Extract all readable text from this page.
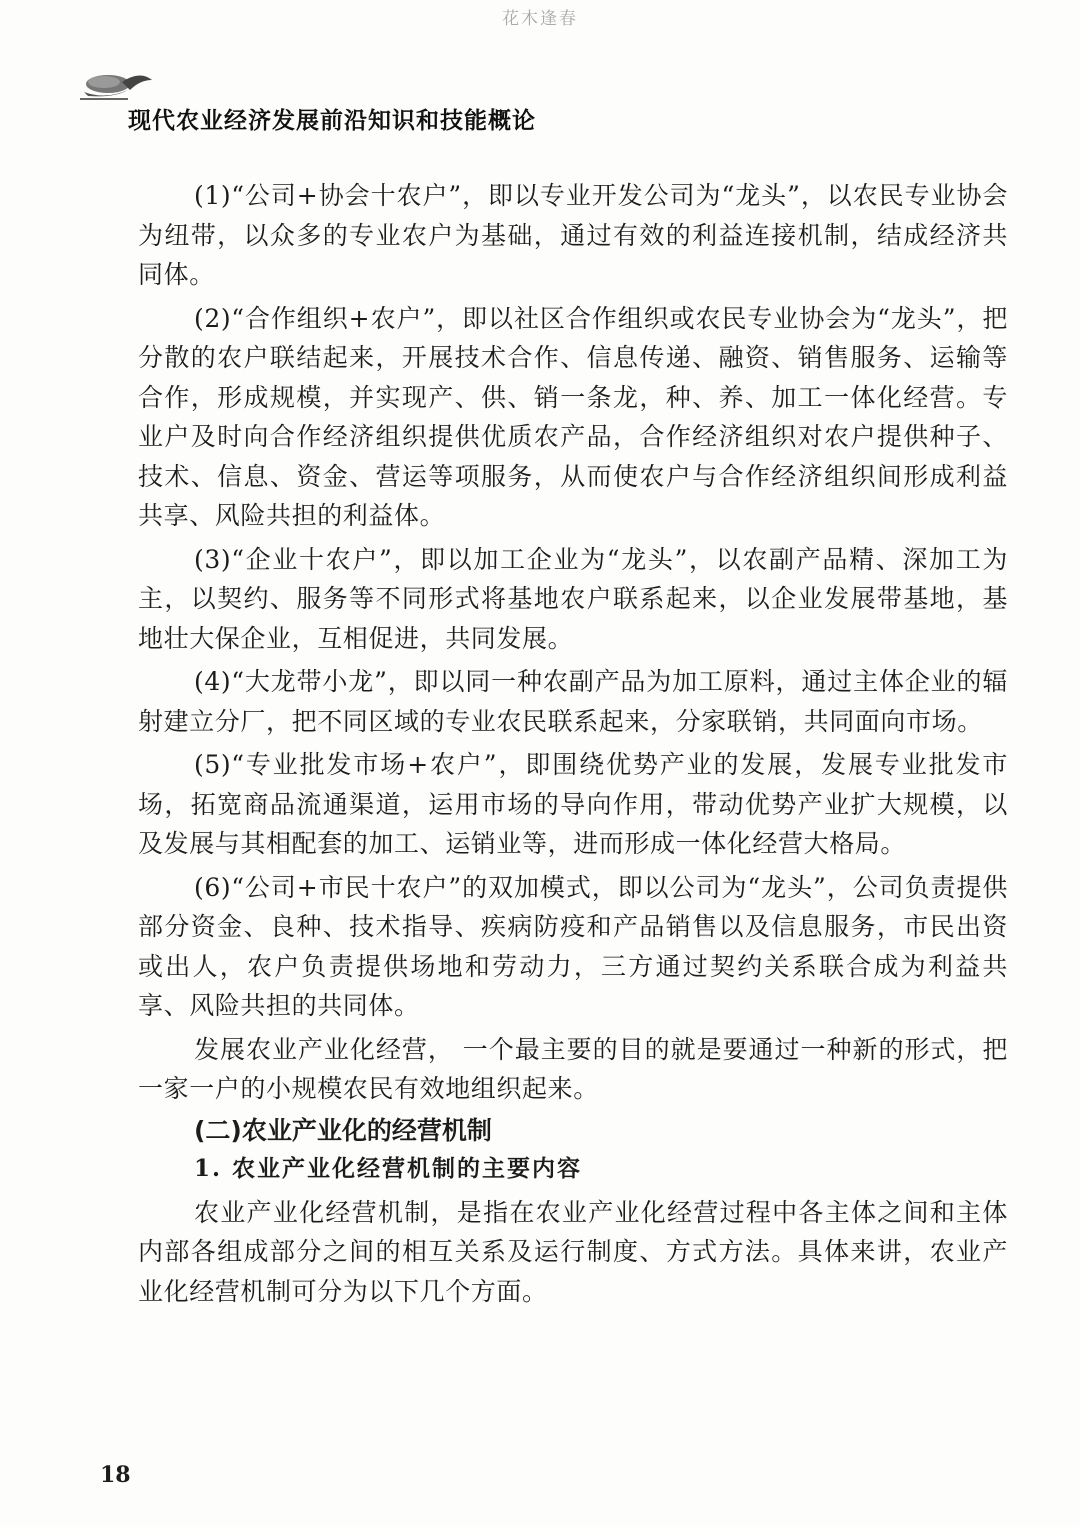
花木逢春
现代农业经济发展前沿知识和技能概论

(1)“公司+协会十农户”，即以专业开发公司为“龙头”，以农民专业协会为纽带，以众多的专业农户为基础，通过有效的利益连接机制，结成经济共同体。

(2)“合作组织+农户”，即以社区合作组织或农民专业协会为“龙头”，把分散的农户联结起来，开展技术合作、信息传递、融资、销售服务、运输等合作，形成规模，并实现产、供、销一条龙，种、养、加工一体化经营。专业户及时向合作经济组织提供优质农产品，合作经济组织对农户提供种子、技术、信息、资金、营运等项服务，从而使农户与合作经济组织间形成利益共享、风险共担的利益体。

(3)“企业十农户”，即以加工企业为“龙头”，以农副产品精、深加工为主，以契约、服务等不同形式将基地农户联系起来，以企业发展带基地，基地壮大保企业，互相促进，共同发展。

(4)“大龙带小龙”，即以同一种农副产品为加工原料，通过主体企业的辐射建立分厂，把不同区域的专业农民联系起来，分家联销，共同面向市场。

(5)“专业批发市场+农户”，即围绕优势产业的发展，发展专业批发市场，拓宽商品流通渠道，运用市场的导向作用，带动优势产业扩大规模，以及发展与其相配套的加工、运销业等，进而形成一体化经营大格局。

(6)“公司+市民十农户”的双加模式，即以公司为“龙头”，公司负责提供部分资金、良种、技术指导、疾病防疫和产品销售以及信息服务，市民出资或出人，农户负责提供场地和劳动力，三方通过契约关系联合成为利益共享、风险共担的共同体。

发展农业产业化经营， 一个最主要的目的就是要通过一种新的形式，把一家一户的小规模农民有效地组织起来。

(二)农业产业化的经营机制
1. 农业产业化经营机制的主要内容

农业产业化经营机制，是指在农业产业化经营过程中各主体之间和主体内部各组成部分之间的相互关系及运行制度、方式方法。具体来讲，农业产业化经营机制可分为以下几个方面。

18
